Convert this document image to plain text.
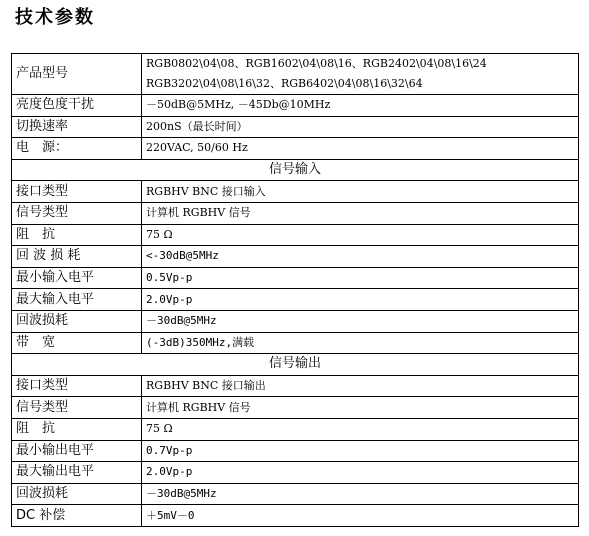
技术参数
产品型号	RGB0802\04\08、RGB1602\04\08\16、RGB2402\04\08\16\24
RGB3202\04\08\16\32、RGB6402\04\08\16\32\64

亮度色度干扰	－50dB@5MHz, －45Db@10MHz
切换速率	200nS（最长时间）
电　源：	220VAC, 50/60 Hz
信号输入	
接口类型	RGBHV BNC 接口输入
信号类型	计算机 RGBHV 信号
阻　抗	75 Ω
回 波 损 耗	<-30dB@5MHz
最小输入电平	0.5Vp-p
最大输入电平	2.0Vp-p
回波损耗	－30dB@5MHz
带　宽	(-3dB)350MHz,满载
信号输出	
接口类型	RGBHV BNC 接口输出
信号类型	计算机 RGBHV 信号
阻　抗	75 Ω
最小输出电平	0.7Vp-p
最大输出电平	2.0Vp-p
回波损耗	－30dB@5MHz
DC 补偿	＋5mV－0
